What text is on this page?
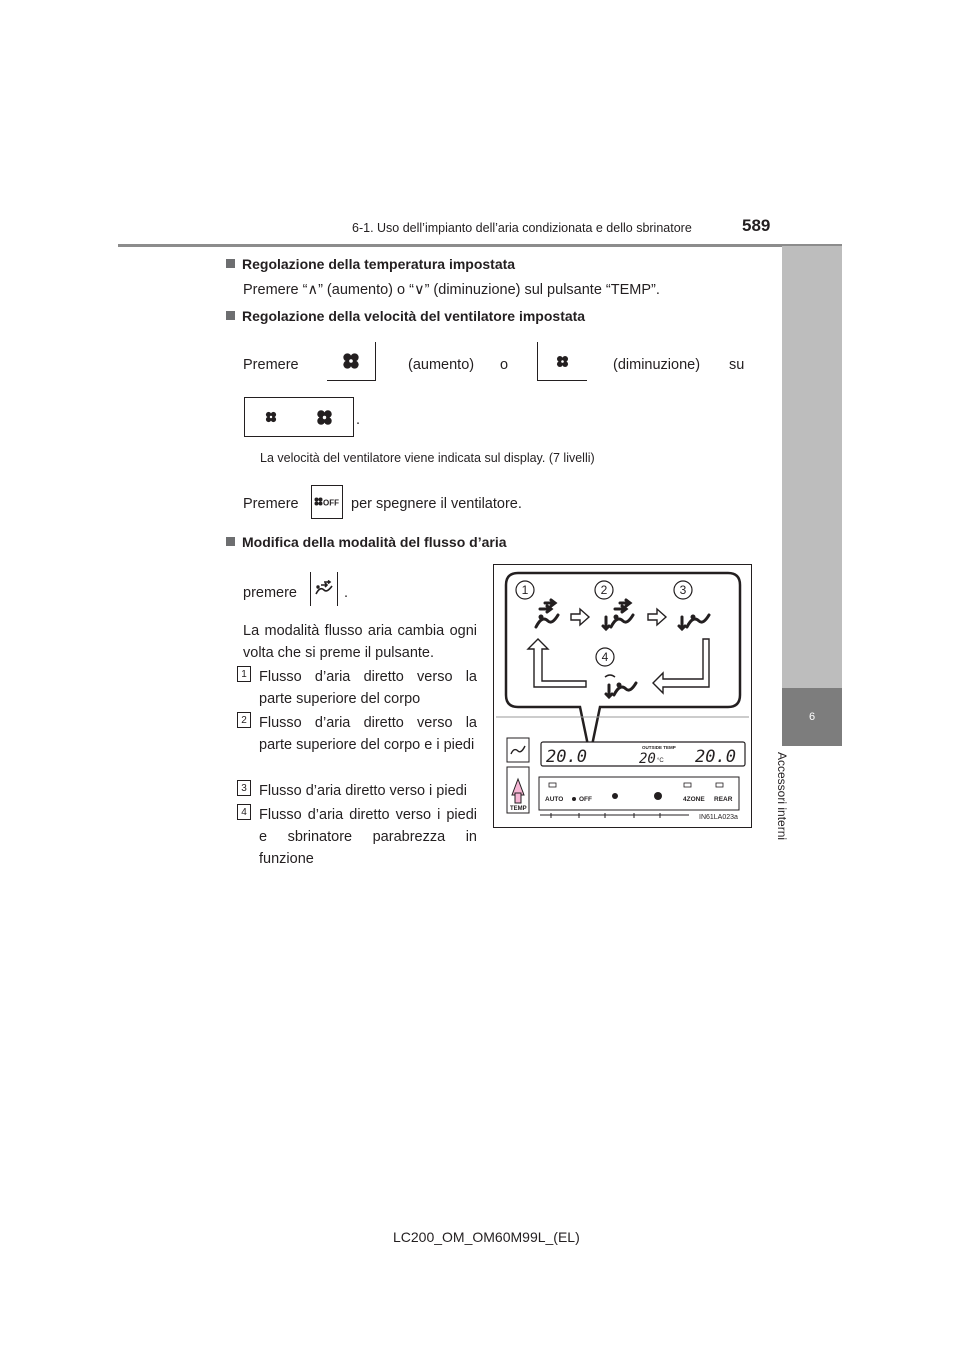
6-1. Uso dell’impianto dell’aria condizionata e dello sbrinatore	589
6
Accessori interni
Regolazione della temperatura impostata
Premere “∧” (aumento) o “∨” (diminuzione) sul pulsante “TEMP”.
Regolazione della velocità del ventilatore impostata
Premere	(aumento) o	(diminuzione) su
.
La velocità del ventilatore viene indicata sul display. (7 livelli)
Premere	OFF per spegnere il ventilatore.
Modifica della modalità del flusso d’aria
premere	.
La modalità flusso aria cambia ogni volta che si preme il pulsante.
1 Flusso d’aria diretto verso la parte superiore del corpo
2 Flusso d’aria diretto verso la parte superiore del corpo e i piedi
3 Flusso d’aria diretto verso i piedi
4 Flusso d’aria diretto verso i piedi e sbrinatore parabrezza in funzione
1	2	3
4
TEMP
20.0	20 20.0
OUTSIDE TEMP
°C
AUTO OFF	4ZONE REAR
IN61LA023a
LC200_OM_OM60M99L_(EL)
